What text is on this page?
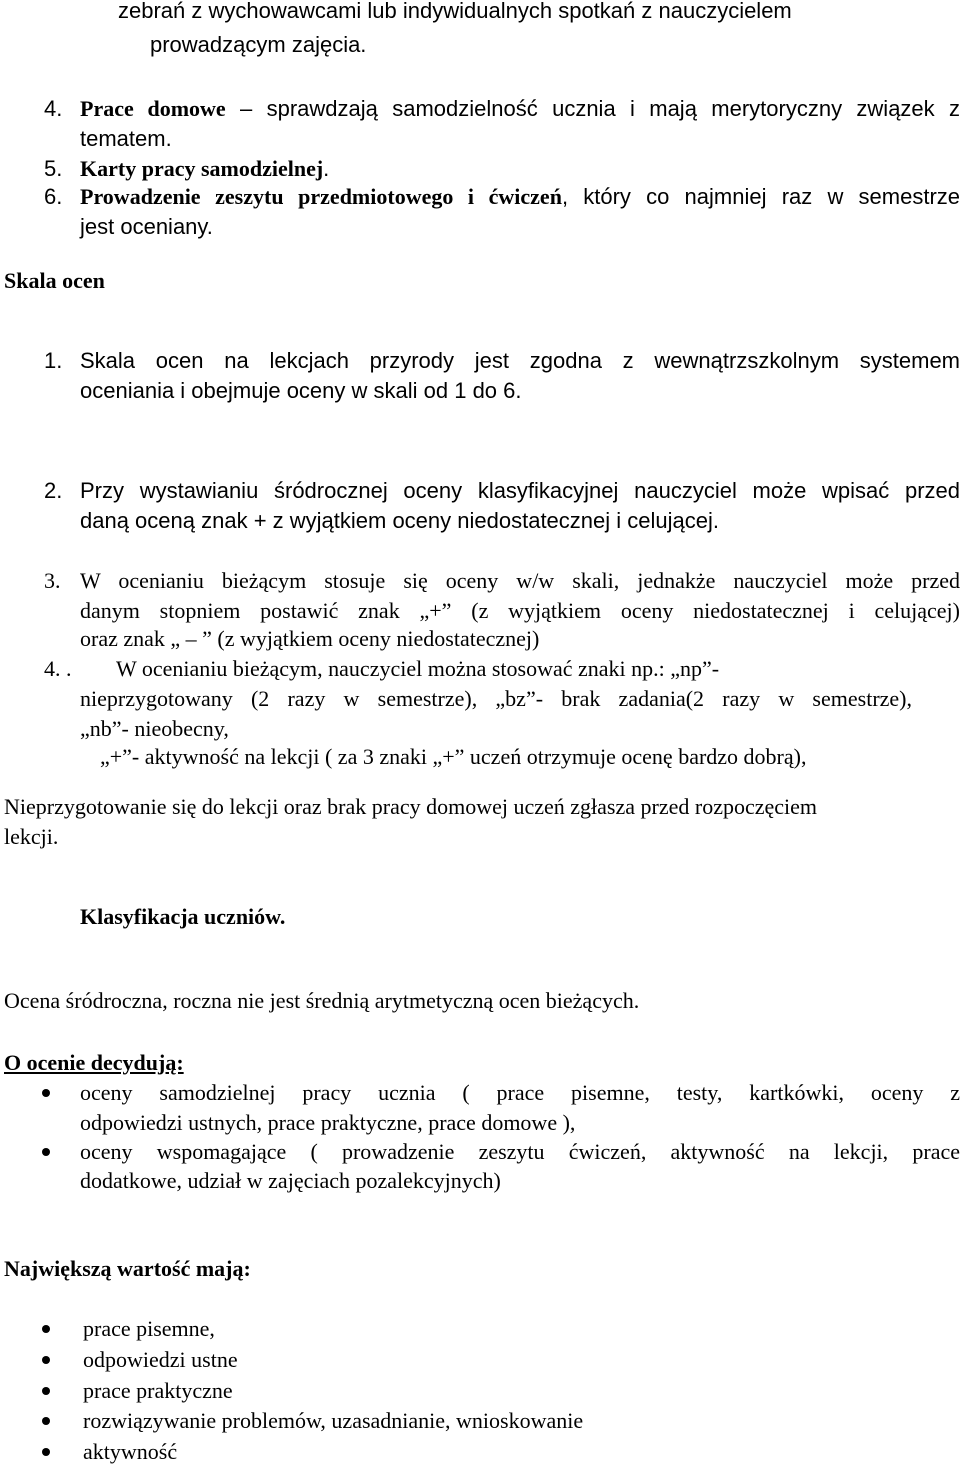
zebrań z wychowawcami lub indywidualnych spotkań z nauczycielem

prowadzącym zajęcia.

4. Prace domowe – sprawdzają samodzielność ucznia i mają merytoryczny związek z
tematem.
5. Karty pracy samodzielnej.
6. Prowadzenie zeszytu przedmiotowego i ćwiczeń, który co najmniej raz w semestrze
jest oceniany.

Skala ocen

1. Skala ocen na lekcjach przyrody jest zgodna z wewnątrzszkolnym systemem

oceniania i obejmuje oceny w skali od 1 do 6.

2. Przy wystawianiu śródrocznej oceny klasyfikacyjnej nauczyciel może wpisać przed

daną oceną znak + z wyjątkiem oceny niedostatecznej i celującej.

3. W ocenianiu bieżącym stosuje się oceny w/w skali, jednakże nauczyciel może przed

danym stopniem postawić znak „+” (z wyjątkiem oceny niedostatecznej i celującej)

oraz znak „ – ” (z wyjątkiem oceny niedostatecznej)

4. . W ocenianiu bieżącym, nauczyciel można stosować znaki np.: „np”-

nieprzygotowany (2 razy w semestrze), „bz”- brak zadania(2 razy w semestrze),

„nb”- nieobecny,

„+”- aktywność na lekcji ( za 3 znaki „+” uczeń otrzymuje ocenę bardzo dobrą),

Nieprzygotowanie się do lekcji oraz brak pracy domowej uczeń zgłasza przed rozpoczęciem

lekcji.

Klasyfikacja uczniów.

Ocena śródroczna, roczna nie jest średnią arytmetyczną ocen bieżących.

O ocenie decydują:

oceny samodzielnej pracy ucznia ( prace pisemne, testy, kartkówki, oceny z

odpowiedzi ustnych, prace praktyczne, prace domowe ),

oceny wspomagające ( prowadzenie zeszytu ćwiczeń, aktywność na lekcji, prace

dodatkowe, udział w zajęciach pozalekcyjnych)

Największą wartość mają:

prace pisemne,

odpowiedzi ustne

prace praktyczne

rozwiązywanie problemów, uzasadnianie, wnioskowanie

aktywność
